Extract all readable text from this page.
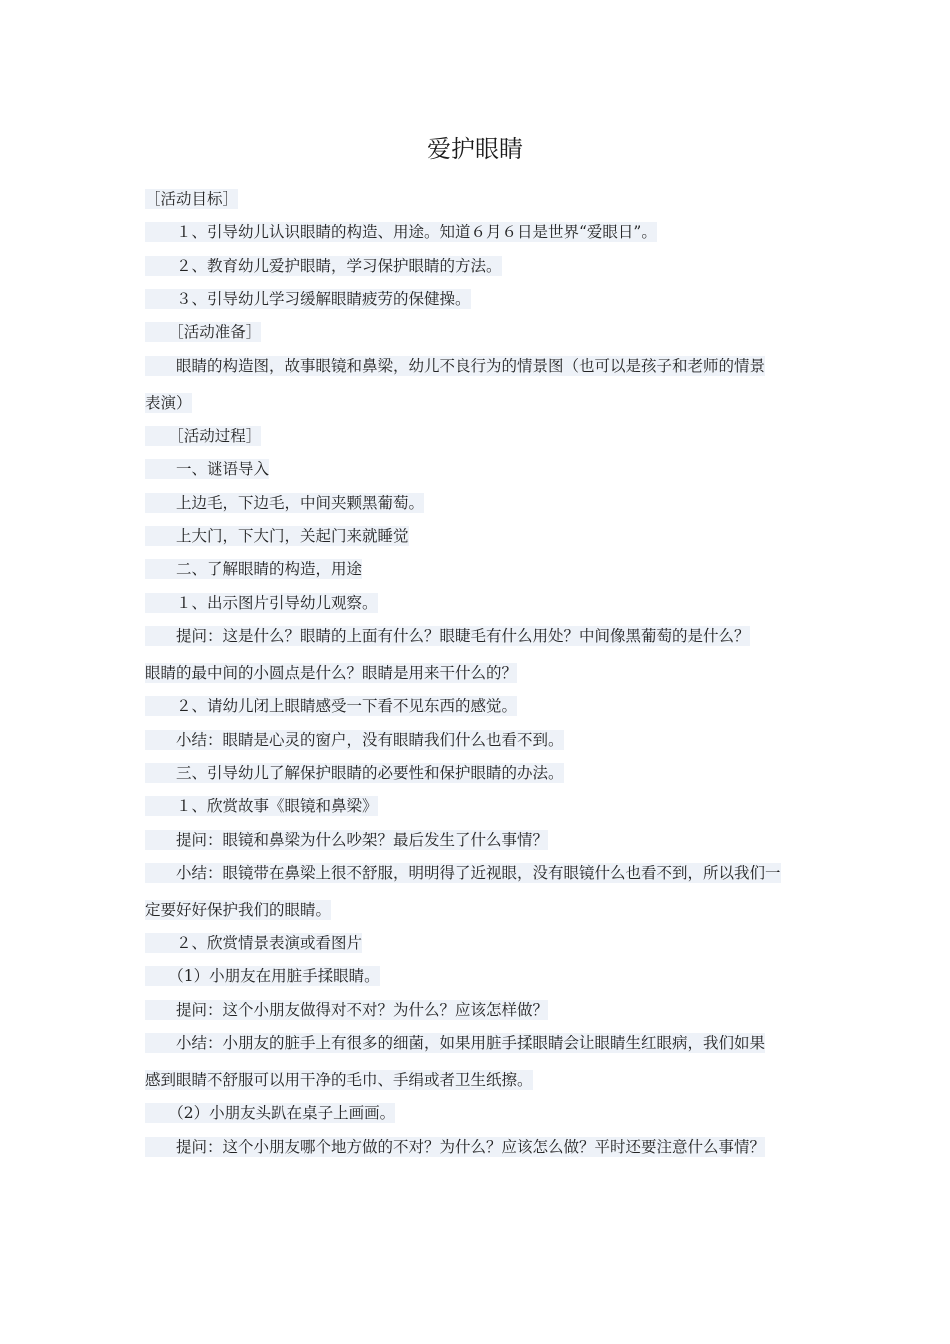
爱护眼睛
［活动目标］
　　１、引导幼儿认识眼睛的构造、用途。知道６月６日是世界“爱眼日”。
　　２、教育幼儿爱护眼睛，学习保护眼睛的方法。
　　３、引导幼儿学习缓解眼睛疲劳的保健操。
　　［活动准备］
　　眼睛的构造图，故事眼镜和鼻梁，幼儿不良行为的情景图（也可以是孩子和老师的情景
表演）
　　［活动过程］
　　一、谜语导入
　　上边毛，下边毛，中间夹颗黑葡萄。
　　上大门，下大门，关起门来就睡觉
　　二、了解眼睛的构造，用途
　　１、出示图片引导幼儿观察。
　　提问：这是什么？眼睛的上面有什么？眼睫毛有什么用处？中间像黑葡萄的是什么？
眼睛的最中间的小圆点是什么？眼睛是用来干什么的？
　　２、请幼儿闭上眼睛感受一下看不见东西的感觉。
　　小结：眼睛是心灵的窗户，没有眼睛我们什么也看不到。
　　三、引导幼儿了解保护眼睛的必要性和保护眼睛的办法。
　　１、欣赏故事《眼镜和鼻梁》
　　提问：眼镜和鼻梁为什么吵架？最后发生了什么事情？
　　小结：眼镜带在鼻梁上很不舒服，明明得了近视眼，没有眼镜什么也看不到，所以我们一
定要好好保护我们的眼睛。
　　２、欣赏情景表演或看图片
　　（1）小朋友在用脏手揉眼睛。
　　提问：这个小朋友做得对不对？为什么？应该怎样做？
　　小结：小朋友的脏手上有很多的细菌，如果用脏手揉眼睛会让眼睛生红眼病，我们如果
感到眼睛不舒服可以用干净的毛巾、手绢或者卫生纸擦。
　　（2）小朋友头趴在桌子上画画。
　　提问：这个小朋友哪个地方做的不对？为什么？应该怎么做？平时还要注意什么事情？
